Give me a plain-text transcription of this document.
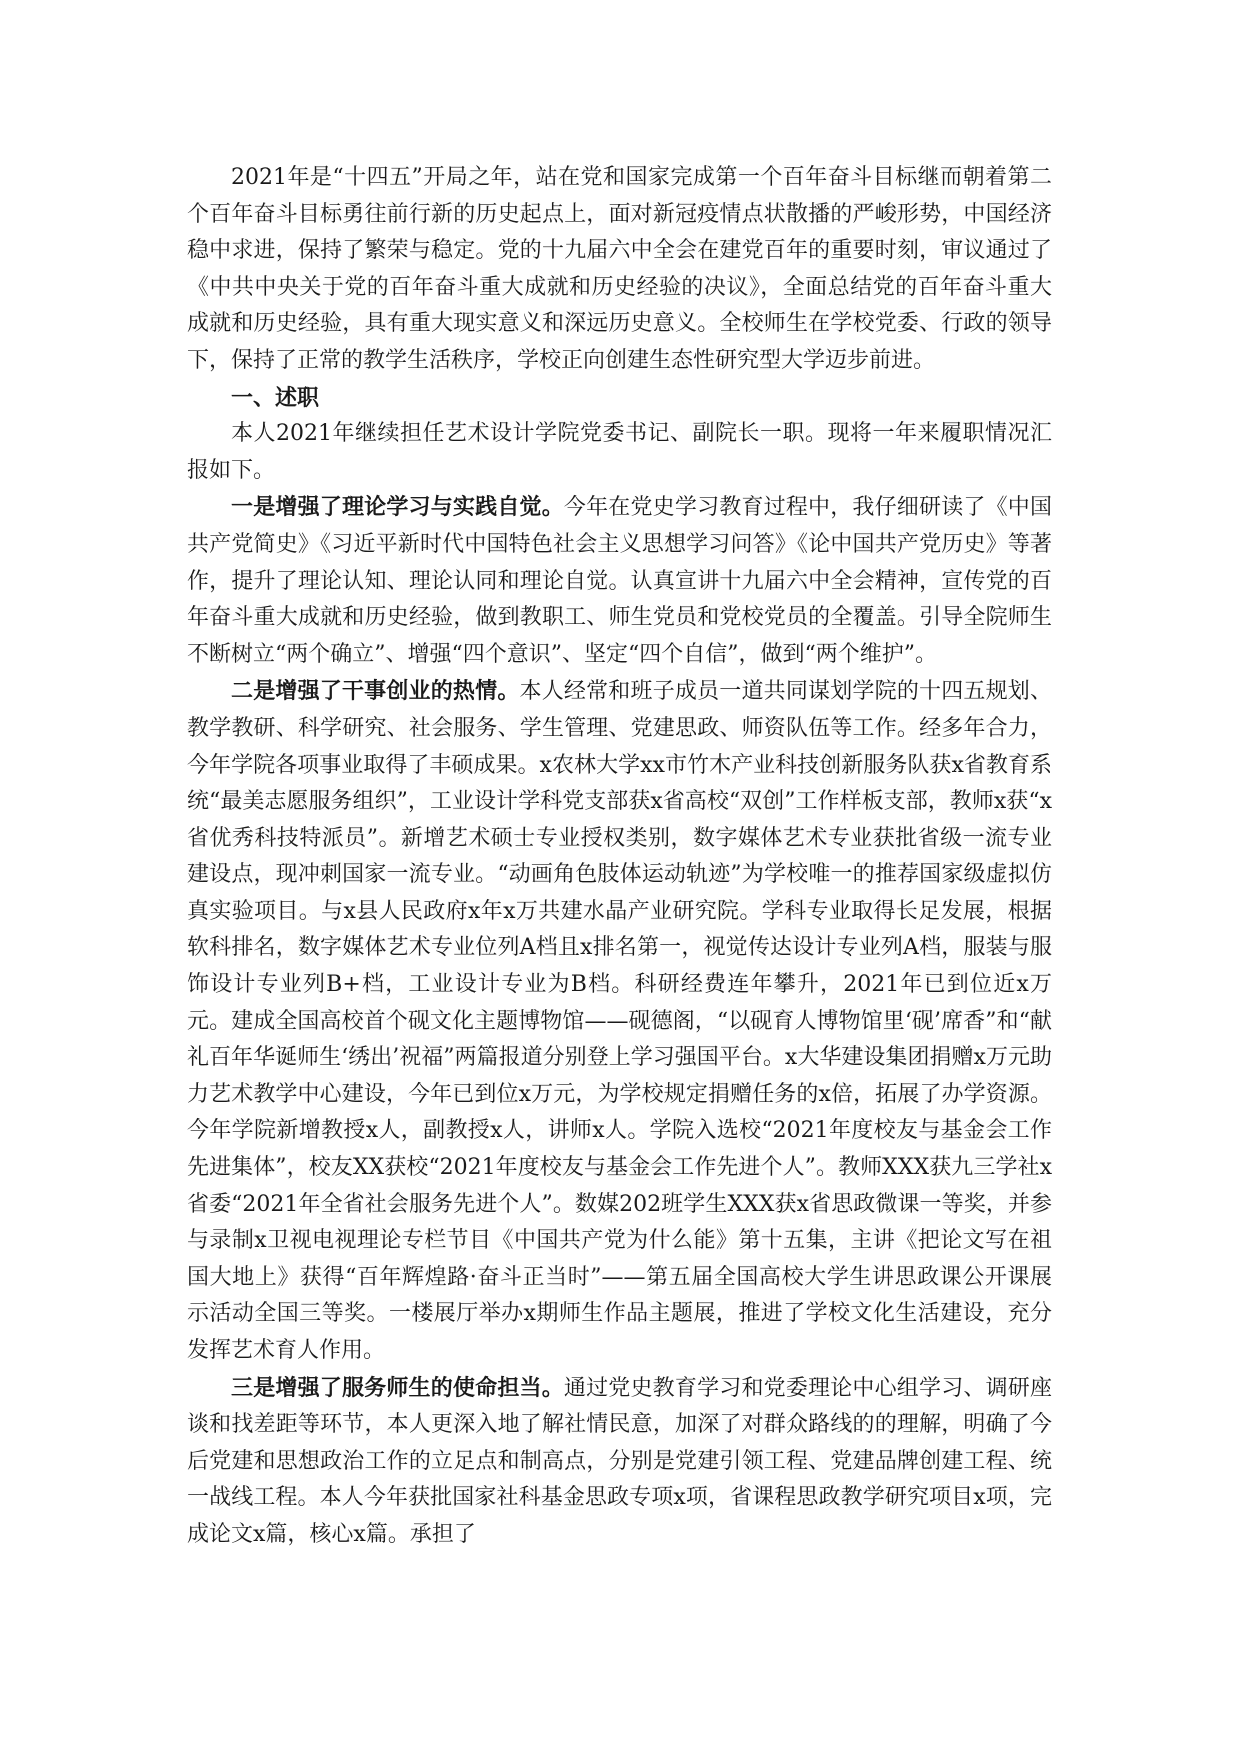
2021年是“十四五”开局之年，站在党和国家完成第一个百年奋斗目标继而朝着第二个百年奋斗目标勇往前行新的历史起点上，面对新冠疫情点状散播的严峻形势，中国经济稳中求进，保持了繁荣与稳定。党的十九届六中全会在建党百年的重要时刻，审议通过了《中共中央关于党的百年奋斗重大成就和历史经验的决议》，全面总结党的百年奋斗重大成就和历史经验，具有重大现实意义和深远历史意义。全校师生在学校党委、行政的领导下，保持了正常的教学生活秩序，学校正向创建生态性研究型大学迈步前进。

一、述职

本人2021年继续担任艺术设计学院党委书记、副院长一职。现将一年来履职情况汇报如下。

一是增强了理论学习与实践自觉。今年在党史学习教育过程中，我仔细研读了《中国共产党简史》《习近平新时代中国特色社会主义思想学习问答》《论中国共产党历史》等著作，提升了理论认知、理论认同和理论自觉。认真宣讲十九届六中全会精神，宣传党的百年奋斗重大成就和历史经验，做到教职工、师生党员和党校党员的全覆盖。引导全院师生不断树立“两个确立”、增强“四个意识”、坚定“四个自信”，做到“两个维护”。

二是增强了干事创业的热情。本人经常和班子成员一道共同谋划学院的十四五规划、教学教研、科学研究、社会服务、学生管理、党建思政、师资队伍等工作。经多年合力，今年学院各项事业取得了丰硕成果。x农林大学xx市竹木产业科技创新服务队获x省教育系统“最美志愿服务组织”，工业设计学科党支部获x省高校“双创”工作样板支部，教师x获“x省优秀科技特派员”。新增艺术硕士专业授权类别，数字媒体艺术专业获批省级一流专业建设点，现冲刺国家一流专业。“动画角色肢体运动轨迹”为学校唯一的推荐国家级虚拟仿真实验项目。与x县人民政府x年x万共建水晶产业研究院。学科专业取得长足发展，根据软科排名，数字媒体艺术专业位列A档且x排名第一，视觉传达设计专业列A档，服装与服饰设计专业列B+档，工业设计专业为B档。科研经费连年攀升，2021年已到位近x万元。建成全国高校首个砚文化主题博物馆——砚德阁，“以砚育人博物馆里‘砚’席香”和“献礼百年华诞师生‘绣出’祝福”两篇报道分别登上学习强国平台。x大华建设集团捐赠x万元助力艺术教学中心建设，今年已到位x万元，为学校规定捐赠任务的x倍，拓展了办学资源。今年学院新增教授x人，副教授x人，讲师x人。学院入选校“2021年度校友与基金会工作先进集体”，校友XX获校“2021年度校友与基金会工作先进个人”。教师XXX获九三学社x省委“2021年全省社会服务先进个人”。数媒202班学生XXX获x省思政微课一等奖，并参与录制x卫视电视理论专栏节目《中国共产党为什么能》第十五集，主讲《把论文写在祖国大地上》获得“百年辉煌路·奋斗正当时”——第五届全国高校大学生讲思政课公开课展示活动全国三等奖。一楼展厅举办x期师生作品主题展，推进了学校文化生活建设，充分发挥艺术育人作用。

三是增强了服务师生的使命担当。通过党史教育学习和党委理论中心组学习、调研座谈和找差距等环节，本人更深入地了解社情民意，加深了对群众路线的的理解，明确了今后党建和思想政治工作的立足点和制高点，分别是党建引领工程、党建品牌创建工程、统一战线工程。本人今年获批国家社科基金思政专项x项，省课程思政教学研究项目x项，完成论文x篇，核心x篇。承担了
